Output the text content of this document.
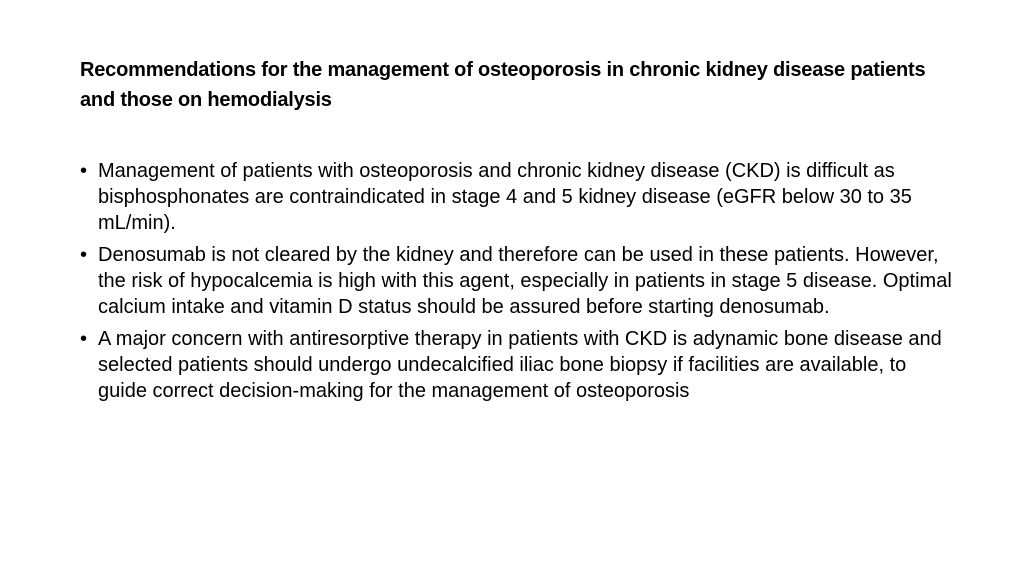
Recommendations for the management of osteoporosis in chronic kidney disease patients and those on hemodialysis
• Management of patients with osteoporosis and chronic kidney disease (CKD) is difficult as bisphosphonates are contraindicated in stage 4 and 5 kidney disease (eGFR below 30 to 35 mL/min).
• Denosumab is not cleared by the kidney and therefore can be used in these patients. However, the risk of hypocalcemia is high with this agent, especially in patients in stage 5 disease. Optimal calcium intake and vitamin D status should be assured before starting denosumab.
• A major concern with antiresorptive therapy in patients with CKD is adynamic bone disease and selected patients should undergo undecalcified iliac bone biopsy if facilities are available, to guide correct decision-making for the management of osteoporosis
